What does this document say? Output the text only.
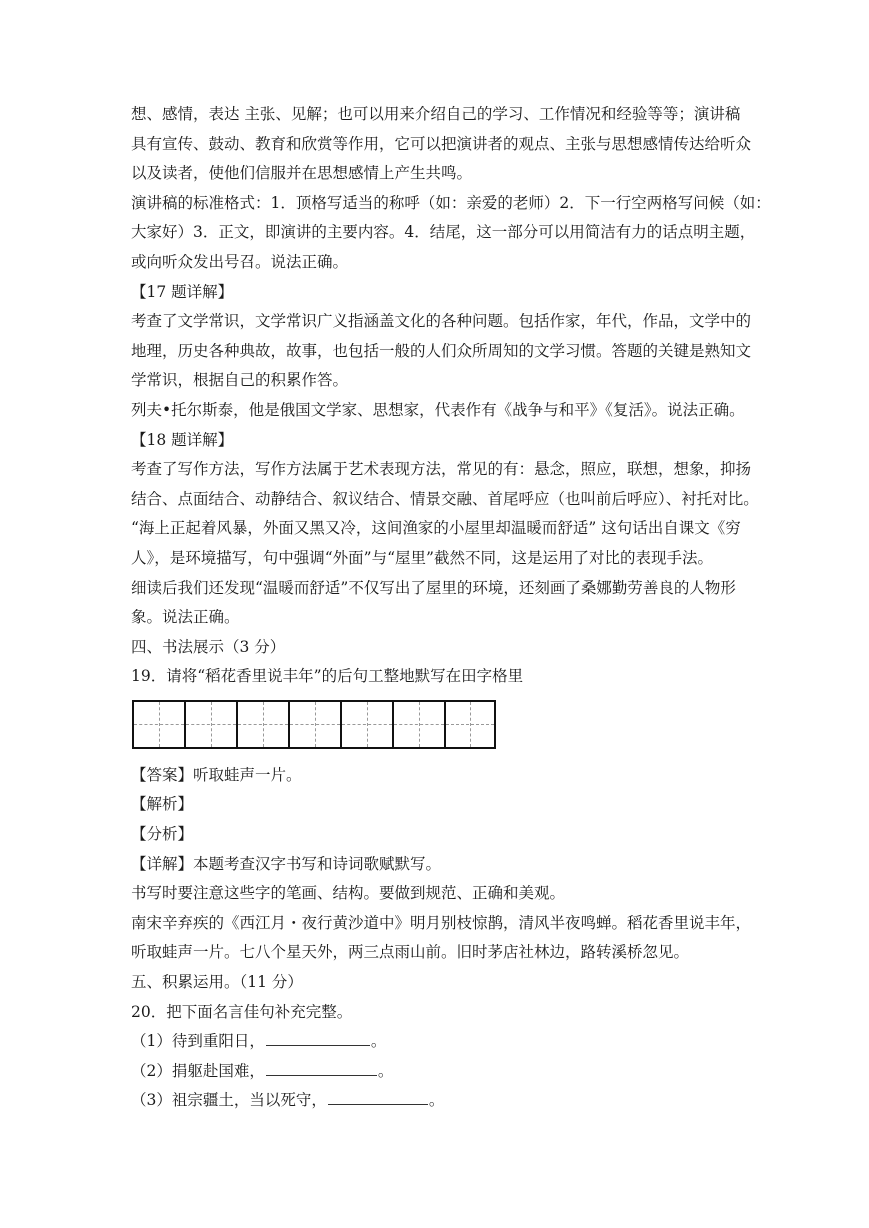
想、感情，表达 主张、见解；也可以用来介绍自己的学习、工作情况和经验等等；演讲稿
具有宣传、鼓动、教育和欣赏等作用，它可以把演讲者的观点、主张与思想感情传达给听众
以及读者，使他们信服并在思想感情上产生共鸣。
演讲稿的标准格式：1．顶格写适当的称呼（如：亲爱的老师）2．下一行空两格写问候（如：
大家好）3．正文，即演讲的主要内容。4．结尾，这一部分可以用简洁有力的话点明主题，
或向听众发出号召。说法正确。
【17 题详解】
考查了文学常识，文学常识广义指涵盖文化的各种问题。包括作家，年代，作品，文学中的
地理，历史各种典故，故事，也包括一般的人们众所周知的文学习惯。答题的关键是熟知文
学常识，根据自己的积累作答。
列夫•托尔斯泰，他是俄国文学家、思想家，代表作有《战争与和平》《复活》。说法正确。
【18 题详解】
考查了写作方法，写作方法属于艺术表现方法，常见的有：悬念，照应，联想，想象，抑扬
结合、点面结合、动静结合、叙议结合、情景交融、首尾呼应（也叫前后呼应）、衬托对比。
“海上正起着风暴，外面又黑又冷，这间渔家的小屋里却温暖而舒适” 这句话出自课文《穷
人》，是环境描写，句中强调“外面”与“屋里”截然不同，这是运用了对比的表现手法。
细读后我们还发现“温暖而舒适”不仅写出了屋里的环境，还刻画了桑娜勤劳善良的人物形
象。说法正确。
四、书法展示（3 分）
19．请将“稻花香里说丰年”的后句工整地默写在田字格里
【答案】听取蛙声一片。
【解析】
【分析】
【详解】本题考查汉字书写和诗词歌赋默写。
书写时要注意这些字的笔画、结构。要做到规范、正确和美观。
南宋辛弃疾的《西江月・夜行黄沙道中》明月别枝惊鹊，清风半夜鸣蝉。稻花香里说丰年，
听取蛙声一片。七八个星天外，两三点雨山前。旧时茅店社林边，路转溪桥忽见。
五、积累运用。（11 分）
20．把下面名言佳句补充完整。
（1）待到重阳日，	。
（2）捐躯赴国难，	。
（3）祖宗疆土，当以死守，	。
